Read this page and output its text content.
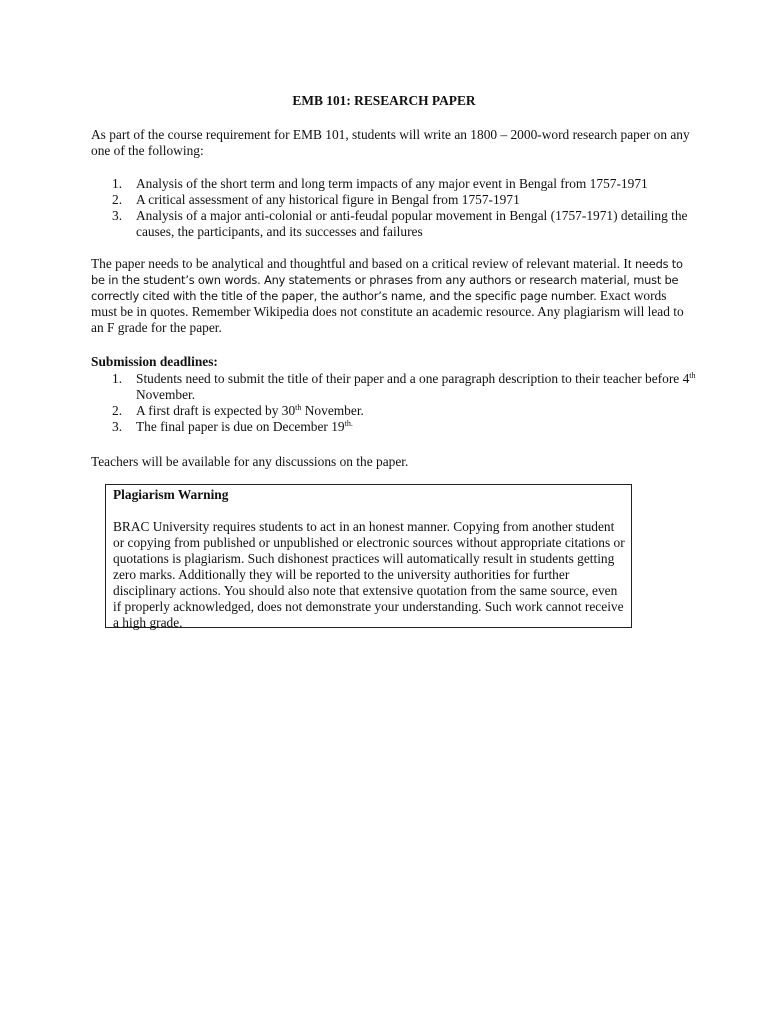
EMB 101: RESEARCH PAPER

As part of the course requirement for EMB 101, students will write an 1800 – 2000-word research paper on any one of the following:

1. Analysis of the short term and long term impacts of any major event in Bengal from 1757-1971
2. A critical assessment of any historical figure in Bengal from 1757-1971
3. Analysis of a major anti-colonial or anti-feudal popular movement in Bengal (1757-1971) detailing the causes, the participants, and its successes and failures

The paper needs to be analytical and thoughtful and based on a critical review of relevant material. It needs to be in the student’s own words. Any statements or phrases from any authors or research material, must be correctly cited with the title of the paper, the author’s name, and the specific page number. Exact words must be in quotes. Remember Wikipedia does not constitute an academic resource. Any plagiarism will lead to an F grade for the paper.

Submission deadlines:
1. Students need to submit the title of their paper and a one paragraph description to their teacher before 4th November.
2. A first draft is expected by 30th November.
3. The final paper is due on December $19^{th.}$

Teachers will be available for any discussions on the paper.

Plagiarism Warning

BRAC University requires students to act in an honest manner. Copying from another student or copying from published or unpublished or electronic sources without appropriate citations or quotations is plagiarism. Such dishonest practices will automatically result in students getting zero marks. Additionally they will be reported to the university authorities for further disciplinary actions. You should also note that extensive quotation from the same source, even if properly acknowledged, does not demonstrate your understanding. Such work cannot receive a high grade.
